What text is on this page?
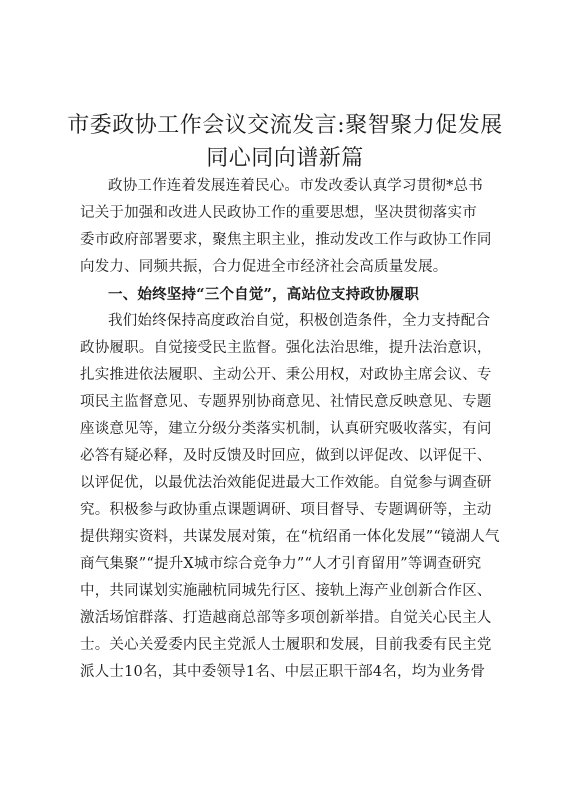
市委政协工作会议交流发言:聚智聚力促发展
同心同向谱新篇
政协工作连着发展连着民心。市发改委认真学习贯彻*总书
记关于加强和改进人民政协工作的重要思想，坚决贯彻落实市
委市政府部署要求，聚焦主职主业，推动发改工作与政协工作同
向发力、同频共振，合力促进全市经济社会高质量发展。
一、始终坚持“三个自觉”，高站位支持政协履职
我们始终保持高度政治自觉，积极创造条件，全力支持配合
政协履职。自觉接受民主监督。强化法治思维，提升法治意识，
扎实推进依法履职、主动公开、秉公用权，对政协主席会议、专
项民主监督意见、专题界别协商意见、社情民意反映意见、专题
座谈意见等，建立分级分类落实机制，认真研究吸收落实，有问
必答有疑必释，及时反馈及时回应，做到以评促改、以评促干、
以评促优，以最优法治效能促进最大工作效能。自觉参与调查研
究。积极参与政协重点课题调研、项目督导、专题调研等，主动
提供翔实资料，共谋发展对策，在“杭绍甬一体化发展”“镜湖人气
商气集聚”“提升X城市综合竞争力”“人才引育留用”等调查研究
中，共同谋划实施融杭同城先行区、接轨上海产业创新合作区、
激活场馆群落、打造越商总部等多项创新举措。自觉关心民主人
士。关心关爱委内民主党派人士履职和发展，目前我委有民主党
派人士10名，其中委领导1名、中层正职干部4名，均为业务骨
